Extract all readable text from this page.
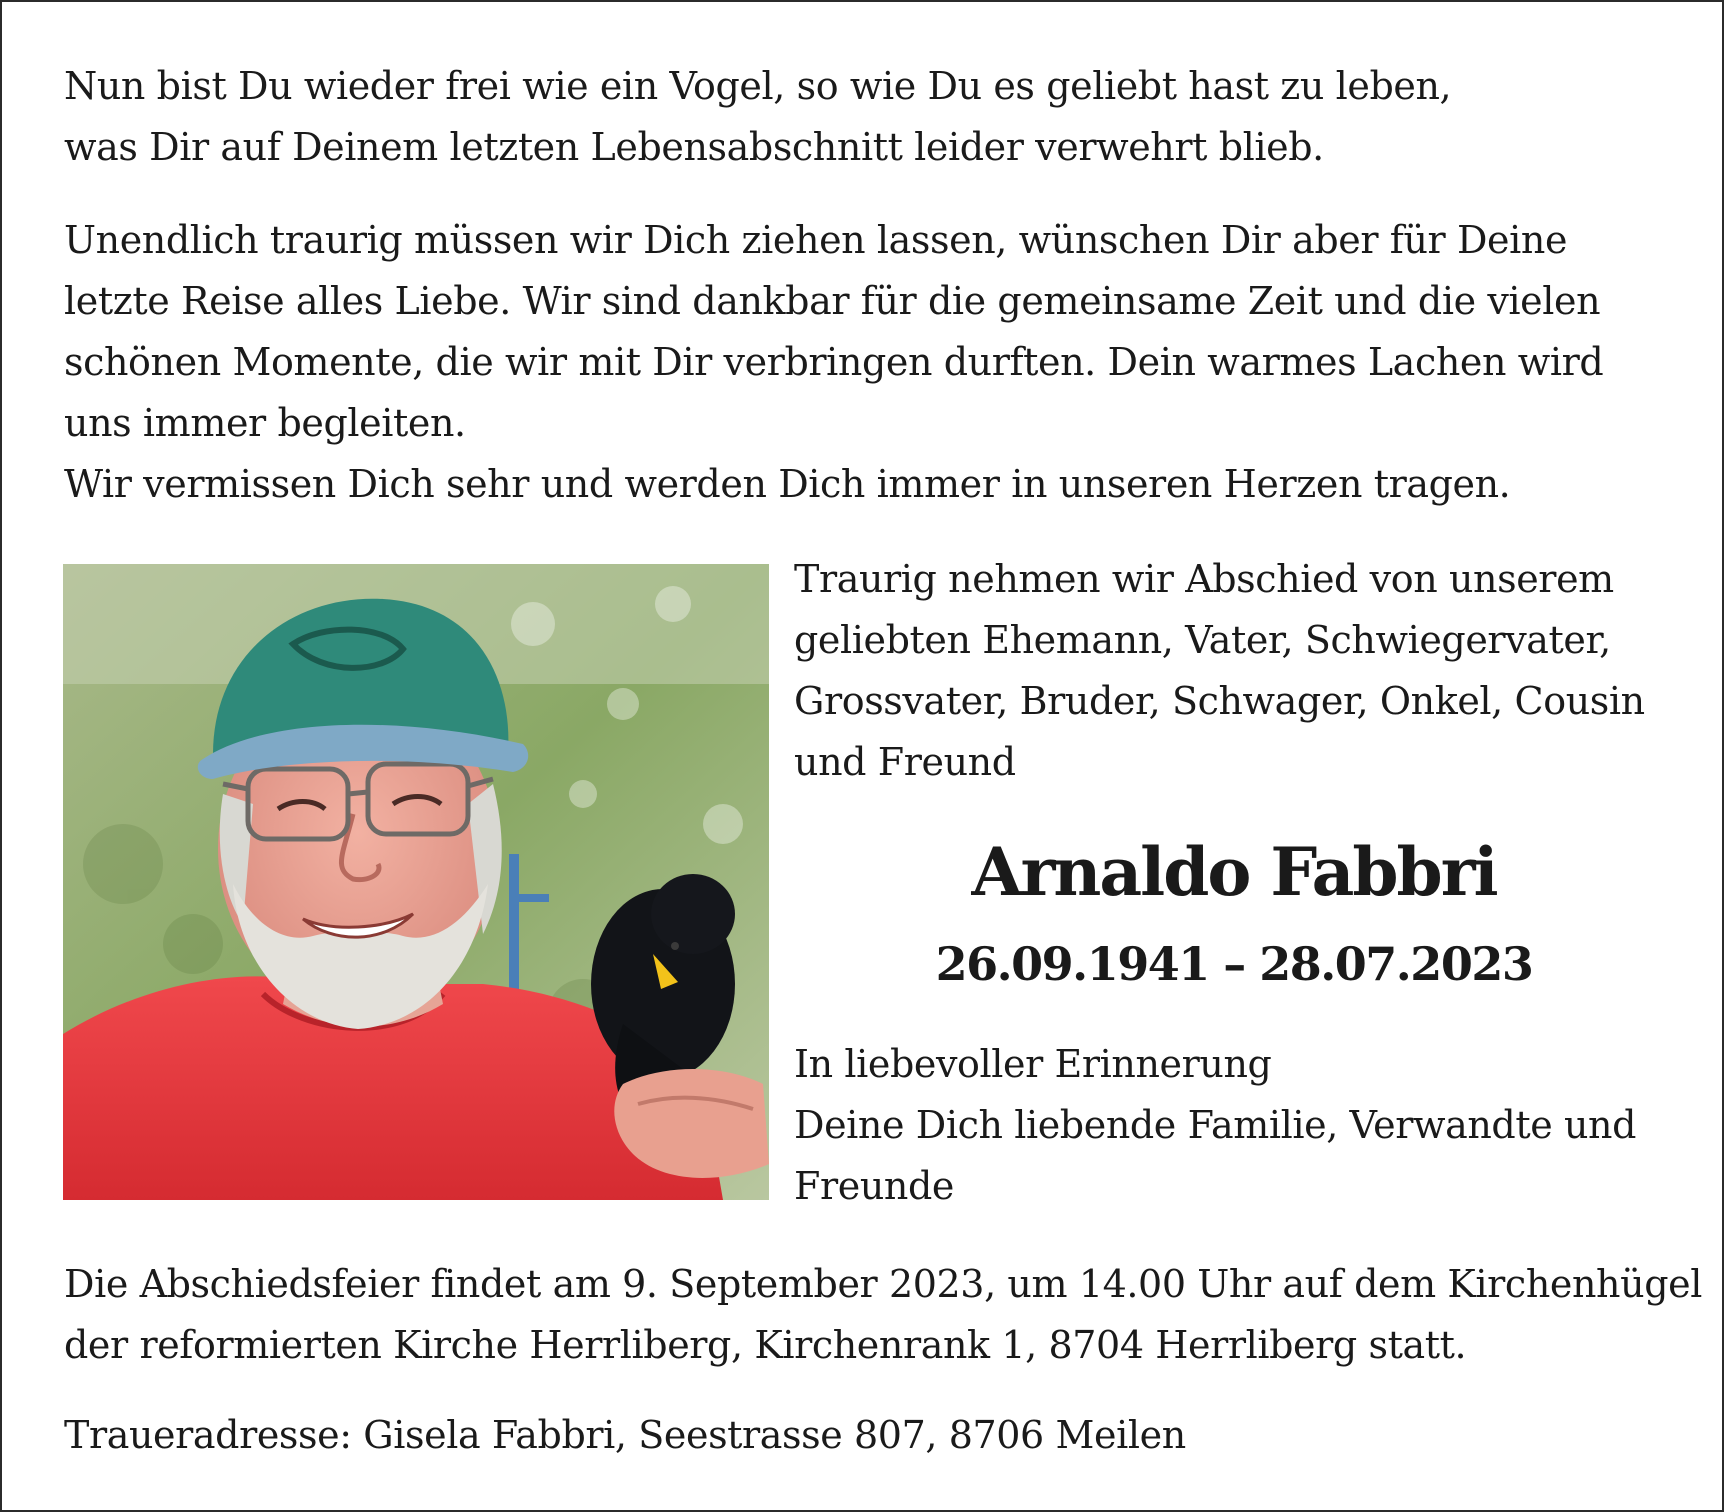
Nun bist Du wieder frei wie ein Vogel, so wie Du es geliebt hast zu leben,
was Dir auf Deinem letzten Lebensabschnitt leider verwehrt blieb.

Unendlich traurig müssen wir Dich ziehen lassen, wünschen Dir aber für Deine
letzte Reise alles Liebe. Wir sind dankbar für die gemeinsame Zeit und die vielen
schönen Momente, die wir mit Dir verbringen durften. Dein warmes Lachen wird
uns immer begleiten.
Wir vermissen Dich sehr und werden Dich immer in unseren Herzen tragen.

Traurig nehmen wir Abschied von unserem
geliebten Ehemann, Vater, Schwiegervater,
Grossvater, Bruder, Schwager, Onkel, Cousin
und Freund

Arnaldo Fabbri
26.09.1941 – 28.07.2023

In liebevoller Erinnerung
Deine Dich liebende Familie, Verwandte und
Freunde

Die Abschiedsfeier findet am 9. September 2023, um 14.00 Uhr auf dem Kirchenhügel
der reformierten Kirche Herrliberg, Kirchenrank 1, 8704 Herrliberg statt.

Traueradresse: Gisela Fabbri, Seestrasse 807, 8706 Meilen
